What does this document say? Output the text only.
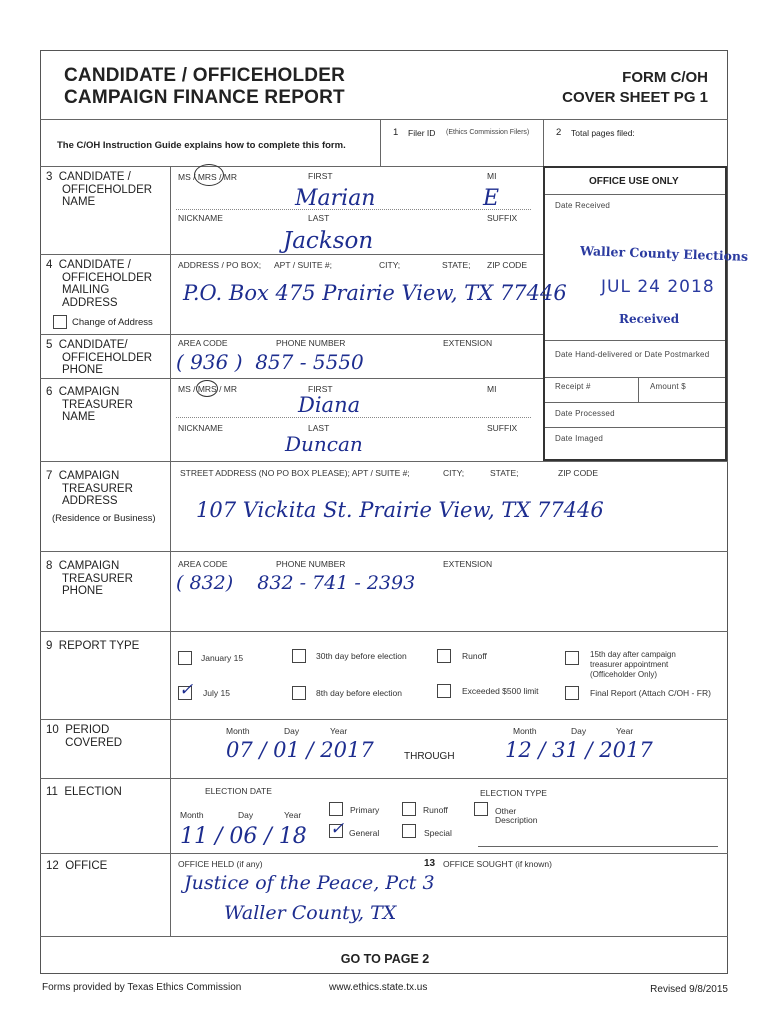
CANDIDATE / OFFICEHOLDER
CAMPAIGN FINANCE REPORT
FORM C/OH
COVER SHEET PG 1
The C/OH Instruction Guide explains how to complete this form.
1 Filer ID (Ethics Commission Filers)	2 Total pages filed:
OFFICE USE ONLY
Date Received
Waller County Elections
JUL 24 2018
Received
Date Hand-delivered or Date Postmarked
Receipt #	Amount $
Date Processed
Date Imaged
3 CANDIDATE /
OFFICEHOLDER
NAME
MS / MRS / MR	FIRST	MI
Marian	E
NICKNAME	LAST	SUFFIX
Jackson
4 CANDIDATE /
OFFICEHOLDER
MAILING
ADDRESS
Change of Address
ADDRESS / PO BOX; APT / SUITE #;	CITY;	STATE; ZIP CODE
P.O. Box 475 Prairie View, TX 77446
5 CANDIDATE/
OFFICEHOLDER
PHONE
AREA CODE	PHONE NUMBER	EXTENSION
( 936 )  857 - 5550
6 CAMPAIGN
TREASURER
NAME
MS / MRS / MR	FIRST	MI
Diana
NICKNAME	LAST	SUFFIX
Duncan
7 CAMPAIGN
TREASURER
ADDRESS
(Residence or Business)
STREET ADDRESS (NO PO BOX PLEASE); APT / SUITE #;	CITY;	STATE;	ZIP CODE
107 Vickita St. Prairie View, TX 77446
8 CAMPAIGN
TREASURER
PHONE
AREA CODE	PHONE NUMBER	EXTENSION
( 832)    832 - 741 - 2393
9 REPORT TYPE
January 15	30th day before election	Runoff	15th day after campaign
treasurer appointment
(Officeholder Only)
✓ July 15	8th day before election	Exceeded $500 limit	Final Report (Attach C/OH - FR)
10 PERIOD
COVERED
Month	Day	Year
07 / 01 / 2017	THROUGH
Month	Day	Year
12 / 31 / 2017
11 ELECTION	ELECTION DATE	ELECTION TYPE
Month	Day	Year
11 / 06 / 18
Primary	Runoff	Other
Description
✓ General	Special
12 OFFICE	OFFICE HELD (if any)	13 OFFICE SOUGHT (if known)
Justice of the Peace, Pct 3
Waller County, TX
GO TO PAGE 2
Forms provided by Texas Ethics Commission	www.ethics.state.tx.us	Revised 9/8/2015
